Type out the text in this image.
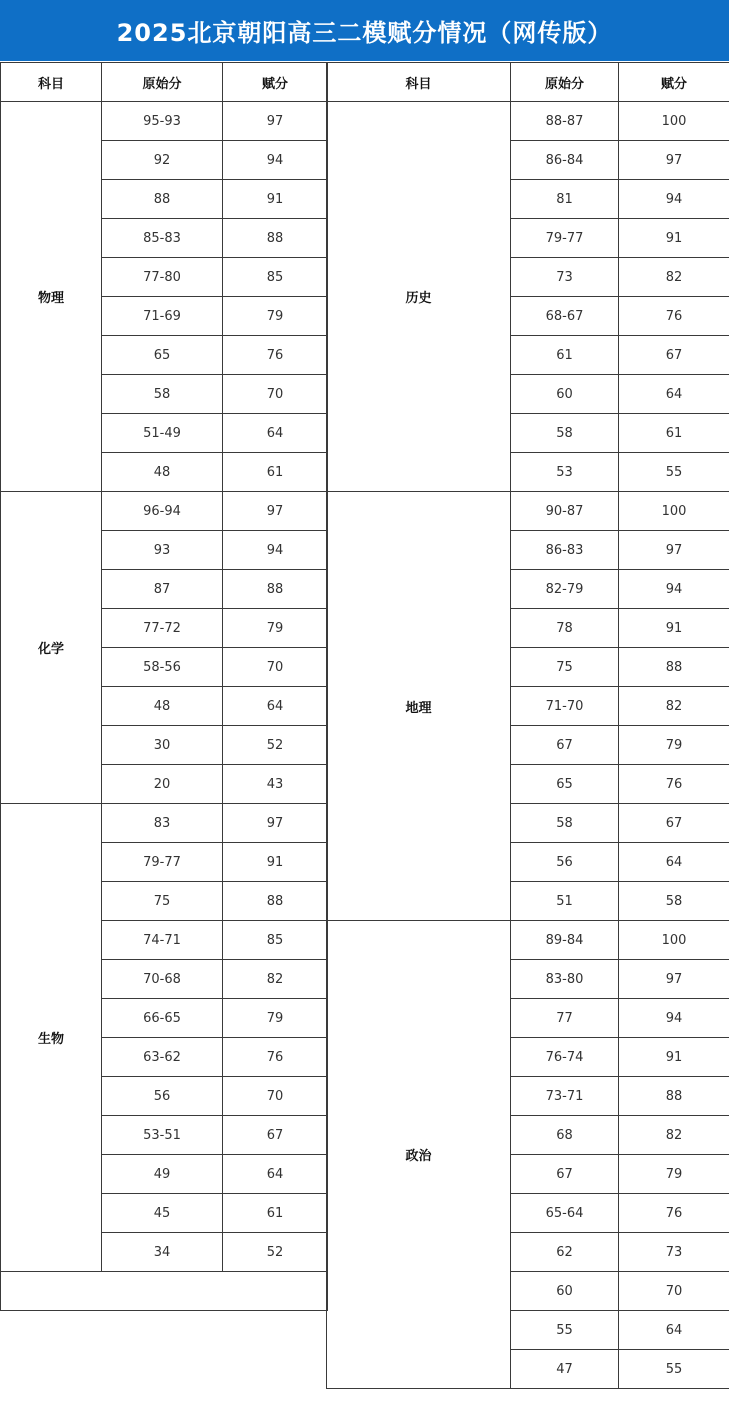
2025北京朝阳高三二模赋分情况（网传版）
科目	原始分	赋分
物理	95-93	97
	92	94
	88	91
	85-83	88
	77-80	85
	71-69	79
	65	76
	58	70
	51-49	64
	48	61
化学	96-94	97
	93	94
	87	88
	77-72	79
	58-56	70
	48	64
	30	52
	20	43
生物	83	97
	79-77	91
	75	88
	74-71	85
	70-68	82
	66-65	79
	63-62	76
	56	70
	53-51	67
	49	64
	45	61
	34	52

科目	原始分	赋分
历史	88-87	100
	86-84	97
	81	94
	79-77	91
	73	82
	68-67	76
	61	67
	60	64
	58	61
	53	55
地理	90-87	100
	86-83	97
	82-79	94
	78	91
	75	88
	71-70	82
	67	79
	65	76
	58	67
	56	64
	51	58
政治	89-84	100
	83-80	97
	77	94
	76-74	91
	73-71	88
	68	82
	67	79
	65-64	76
	62	73
	60	70
	55	64
	47	55
